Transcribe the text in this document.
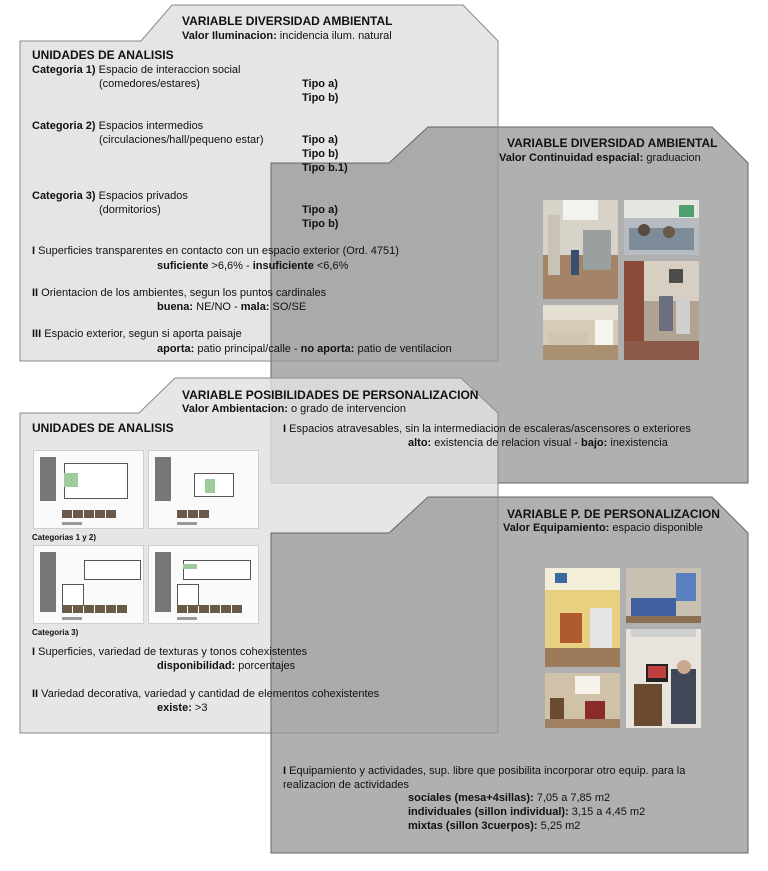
VARIABLE DIVERSIDAD AMBIENTAL
Valor Iluminacion: incidencia ilum. natural
UNIDADES DE ANALISIS
Categoria 1) Espacio de interaccion social
(comedores/estares)	Tipo a)
Tipo b)
Categoria 2) Espacios intermedios
(circulaciones/hall/pequeno estar)	Tipo a)
Tipo b)
Tipo b.1)
Categoria 3) Espacios privados
(dormitorios)	Tipo a)
Tipo b)
I Superficies transparentes en contacto con un espacio exterior (Ord. 4751)
suficiente >6,6% - insuficiente <6,6%
II Orientacion de los ambientes, segun los puntos cardinales
buena: NE/NO - mala: SO/SE
III Espacio exterior, segun si aporta paisaje
aporta: patio principal/calle - no aporta: patio de ventilacion
VARIABLE DIVERSIDAD AMBIENTAL
Valor Continuidad espacial: graduacion
I Espacios atravesables, sin la intermediacion de escaleras/ascensores o exteriores
alto: existencia de relacion visual - bajo: inexistencia
VARIABLE POSIBILIDADES DE PERSONALIZACION
Valor Ambientacion: o grado de intervencion
UNIDADES DE ANALISIS
Categorias 1 y 2)
Categoria 3)
I Superficies, variedad de texturas y tonos cohexistentes
disponibilidad: porcentajes
II Variedad decorativa, variedad y cantidad de elementos cohexistentes
existe: >3
VARIABLE P. DE PERSONALIZACION
Valor Equipamiento: espacio disponible
I Equipamiento y actividades, sup. libre que posibilita incorporar otro equip. para la
realizacion de actividades
sociales (mesa+4sillas): 7,05 a 7,85 m2
individuales (sillon individual): 3,15 a 4,45 m2
mixtas (sillon 3cuerpos): 5,25 m2
